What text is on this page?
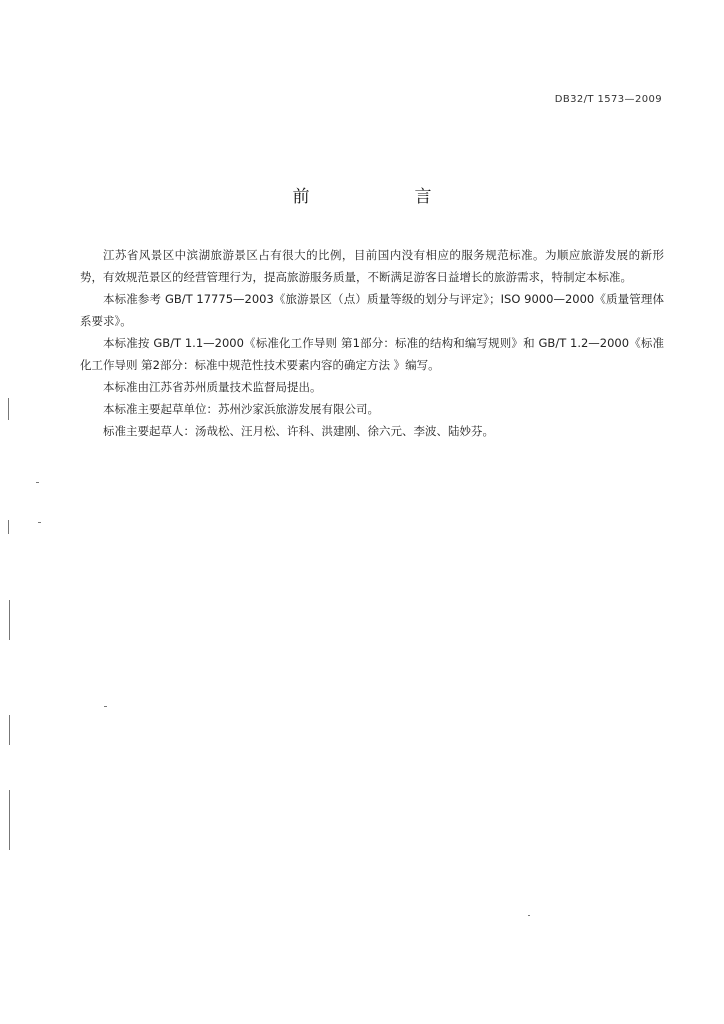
DB32/T 1573—2009
前　言

江苏省风景区中滨湖旅游景区占有很大的比例，目前国内没有相应的服务规范标准。为顺应旅游发展的新形势，有效规范景区的经营管理行为，提高旅游服务质量，不断满足游客日益增长的旅游需求，特制定本标准。

本标准参考 GB/T 17775—2003《旅游景区（点）质量等级的划分与评定》；ISO 9000—2000《质量管理体系要求》。

本标准按 GB/T 1.1—2000《标准化工作导则 第1部分：标准的结构和编写规则》和 GB/T 1.2—2000《标准化工作导则 第2部分：标准中规范性技术要素内容的确定方法 》编写。

本标准由江苏省苏州质量技术监督局提出。

本标准主要起草单位：苏州沙家浜旅游发展有限公司。

标准主要起草人：汤哉松、汪月松、许科、洪建刚、徐六元、李波、陆妙芬。
